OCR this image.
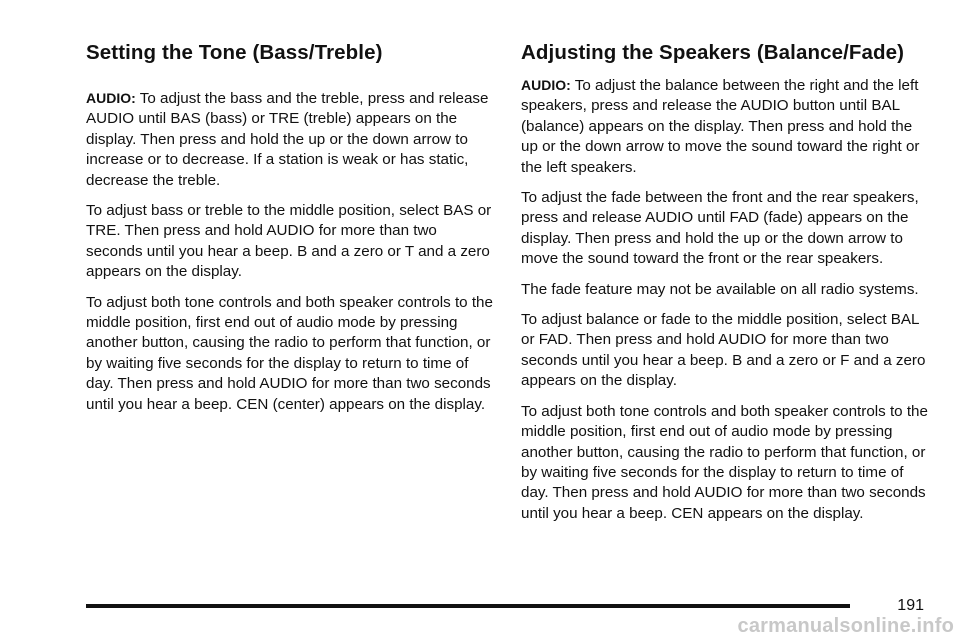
Setting the Tone (Bass/Treble)

AUDIO: To adjust the bass and the treble, press and release AUDIO until BAS (bass) or TRE (treble) appears on the display. Then press and hold the up or the down arrow to increase or to decrease. If a station is weak or has static, decrease the treble.

To adjust bass or treble to the middle position, select BAS or TRE. Then press and hold AUDIO for more than two seconds until you hear a beep. B and a zero or T and a zero appears on the display.

To adjust both tone controls and both speaker controls to the middle position, first end out of audio mode by pressing another button, causing the radio to perform that function, or by waiting five seconds for the display to return to time of day. Then press and hold AUDIO for more than two seconds until you hear a beep. CEN (center) appears on the display.

Adjusting the Speakers (Balance/Fade)

AUDIO: To adjust the balance between the right and the left speakers, press and release the AUDIO button until BAL (balance) appears on the display. Then press and hold the up or the down arrow to move the sound toward the right or the left speakers.

To adjust the fade between the front and the rear speakers, press and release AUDIO until FAD (fade) appears on the display. Then press and hold the up or the down arrow to move the sound toward the front or the rear speakers.

The fade feature may not be available on all radio systems.

To adjust balance or fade to the middle position, select BAL or FAD. Then press and hold AUDIO for more than two seconds until you hear a beep. B and a zero or F and a zero appears on the display.

To adjust both tone controls and both speaker controls to the middle position, first end out of audio mode by pressing another button, causing the radio to perform that function, or by waiting five seconds for the display to return to time of day. Then press and hold AUDIO for more than two seconds until you hear a beep. CEN appears on the display.

191
carmanualsonline.info
